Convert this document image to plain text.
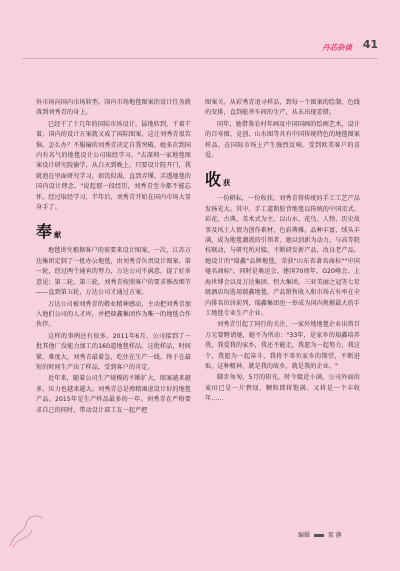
丹芯杂谈 41

外市场向国内市场转型。国内市场地毯图案的设计任务就落到刘秀青的身上。

已经干了十几年的国际市场设计，猛地转到，干着干着，国内的设计方案就又成了国际图案，这让刘秀青很苦恼。怎么办？不服输的刘秀青决定自我突破。她多次到国内有名气的地毯设计公司取经学习。"去深圳一家地毯图案设计研究院偷学，从白天到晚上，只要设计院开门，我就泡在里面研究学习，如饥似渴，直到弄懂、弄透地毯的国内设计理念。"说起那一段经历，刘秀青至今都不能忘怀。经过取经学习，半年后，刘秀青开始在国内市场大显身手了。

奉 献

地毯讲究根据客户的需要来设计图案。一次，江苏万达集团定制了一批办公地毯，由刘秀青负责设计图案。第一轮，经过两个通宵的努力，万达公司不满意，提了好多意见；第二轮，第三轮，刘秀青按照客户的要求修改细节——直到第五轮，万达公司才通过方案。

万达公司被刘秀青的敬业精神感动，主动把刘秀青加入他们公司的人才库，并把瑞鑫集团作为唯一的地毯合作伙伴。

这样的事例还有很多。2011年6月，公司接到了一批其他厂没能力加工的160道地毯样品。这批样品，时间紧、难度大，刘秀青最着急，吃住在生产一线，终于在最短的时间生产出了样品，受到客户的肯定。

近年来，随着公司生产规模的不断扩大，图案越来越多，压力也越来越大。刘秀青总是殚精竭虑设计好的地毯产品。2015年是生产样品最多的一年。刘秀青在严格要求自己的同时，带动设计部工友一起严把

图案关。从彩秀青追寻样品，到每一个图案的绘制，色线的安排，直到能斧车间的生产，从未出现差错。

同年，她借鉴农村年画及中国国画的绘画艺术，设计的百寿图、竞创、山水图等具有中国传统特色的地毯图案样品，在国际市场上产生强烈反响，受到欧美客户的喜爱。

收 获

一份耕耘，一份收获。刘秀青将传统的手工工艺产品发扬光大。其中，手工道斯胶背地毯以传统的中国京式、彩花、古典、美术式为主，以山水、花鸟、人物、历史故事及风土人情为创作素材，色彩典雅，品种丰富，绒头丰满，成为地毯潮流的引领者，她以创新为动力，与高等院校联动，与研究所对接，不断研发新产品，改良老产品。她设计的"瑞鑫"品牌地毯，荣获"山东省著名商标""中国驰名商标"，同时是奥运会、建国70周年、G20峰会、上海世博会以及万达集团、恒大集团、三亚美丽之冠等七星级酒店均选用瑞鑫地毯，产品销售收入和市场占有率在全内排名位居前列，瑞鑫集团也一举成为国内规模最大的手工地毯专业生产企业。

刘秀青引起了同行的关注，一家外地地毯企业出资百万元要聘请她，她不为所动："33年，是家乡的瑞鑫培养我，我爱我的家乡，我还不能走，我愿为一起努力，我这个，我愿为一起奋斗、我将不辜负家乡的期望，不断进取。这种精神，就是我的故乡，就是我的企业。"

脚步匆匆，5月的阳光，时令接近小满，公司外面的麦田已是一片碧绿，颗粒即将饱满。又将是一个丰收年……

编辑	雷 静
